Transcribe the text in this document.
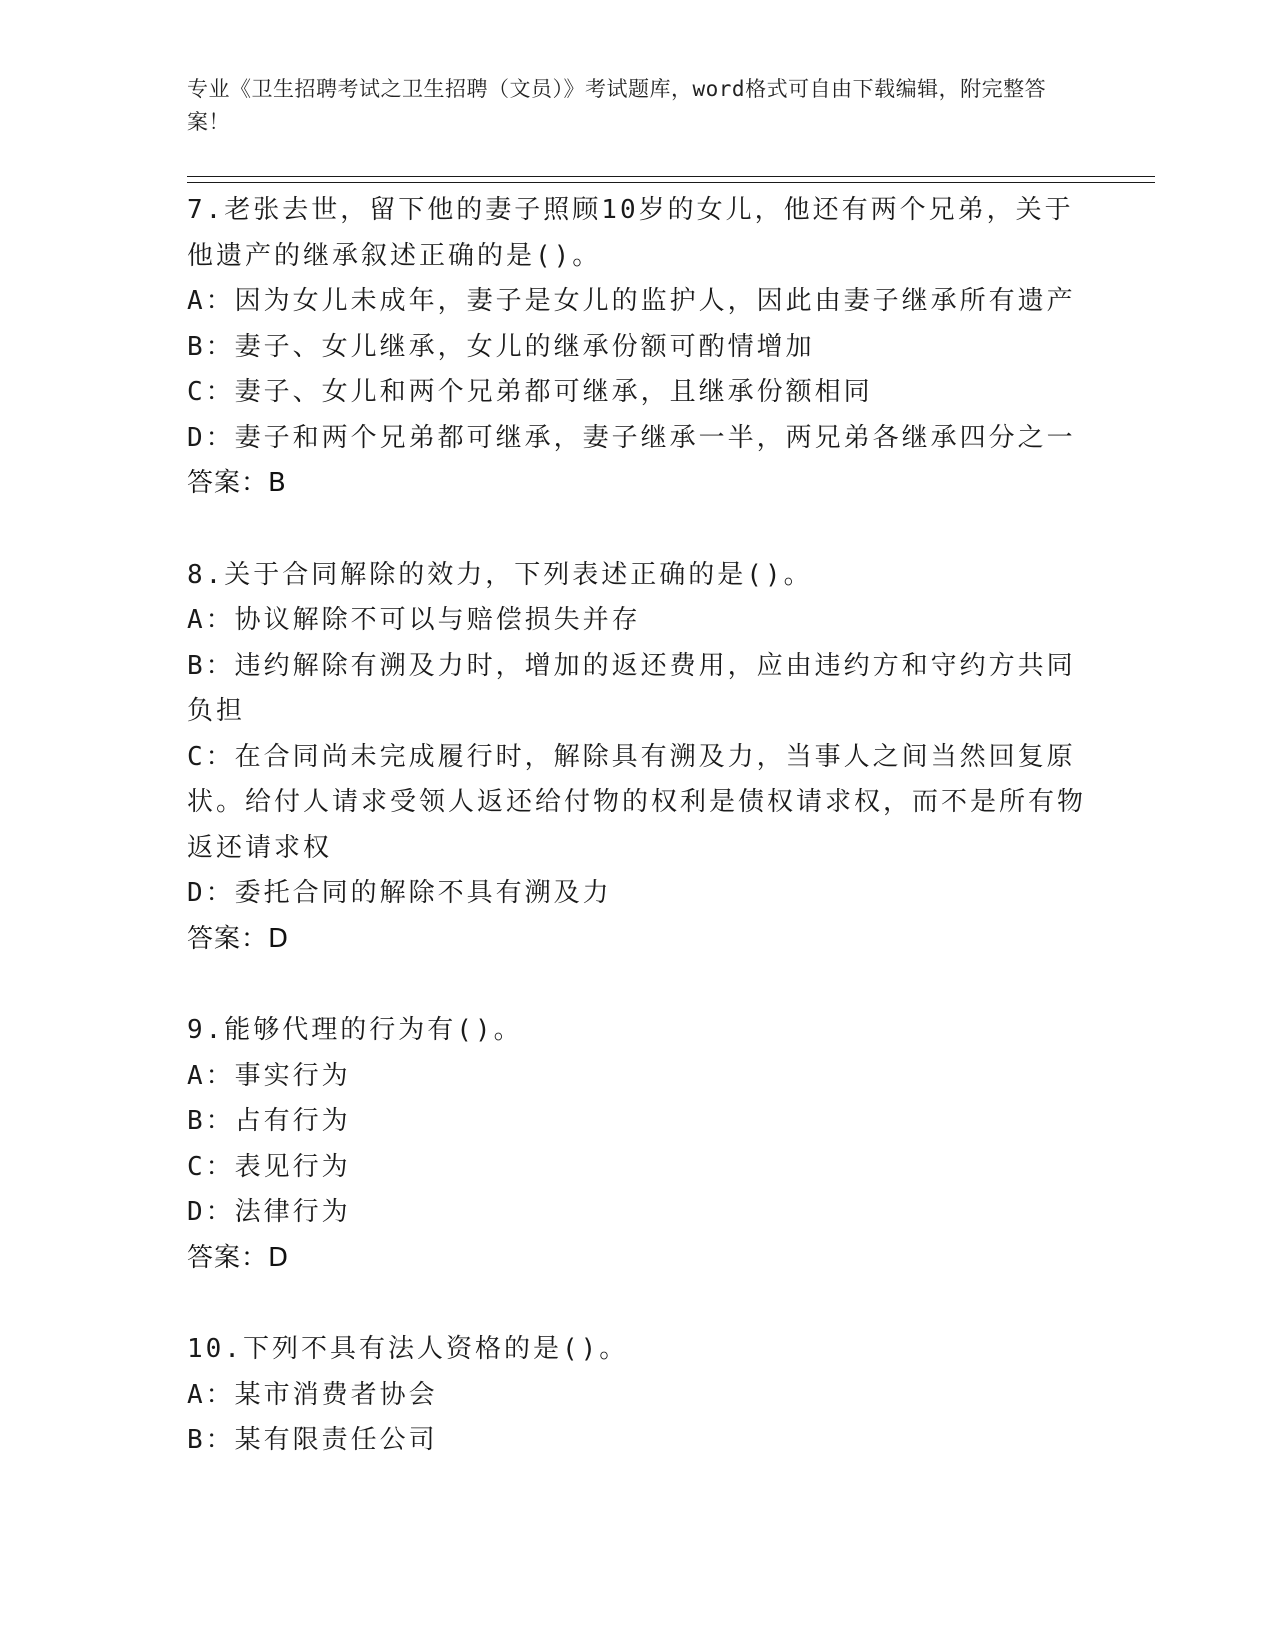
专业《卫生招聘考试之卫生招聘（文员）》考试题库，word格式可自由下载编辑，附完整答案！
7.老张去世，留下他的妻子照顾10岁的女儿，他还有两个兄弟，关于他遗产的继承叙述正确的是()。
A：因为女儿未成年，妻子是女儿的监护人，因此由妻子继承所有遗产
B：妻子、女儿继承，女儿的继承份额可酌情增加
C：妻子、女儿和两个兄弟都可继承，且继承份额相同
D：妻子和两个兄弟都可继承，妻子继承一半，两兄弟各继承四分之一
答案：B
8.关于合同解除的效力，下列表述正确的是()。
A：协议解除不可以与赔偿损失并存
B：违约解除有溯及力时，增加的返还费用，应由违约方和守约方共同负担
C：在合同尚未完成履行时，解除具有溯及力，当事人之间当然回复原状。给付人请求受领人返还给付物的权利是债权请求权，而不是所有物返还请求权
D：委托合同的解除不具有溯及力
答案：D
9.能够代理的行为有()。
A：事实行为
B：占有行为
C：表见行为
D：法律行为
答案：D
10.下列不具有法人资格的是()。
A：某市消费者协会
B：某有限责任公司
